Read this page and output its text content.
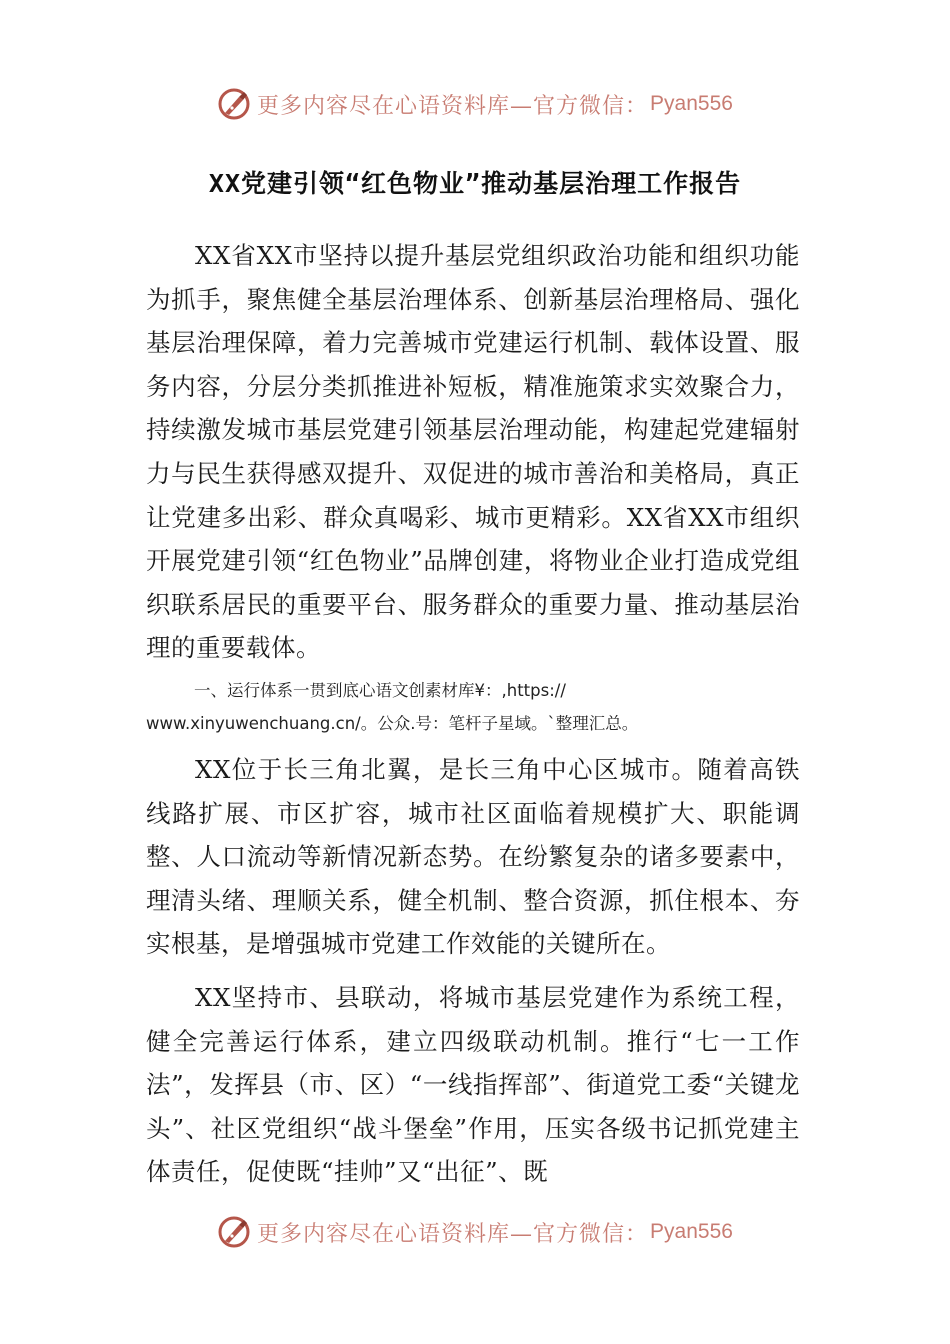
更多内容尽在心语资料库—官方微信： Pyan556
XX党建引领“红色物业”推动基层治理工作报告

XX省XX市坚持以提升基层党组织政治功能和组织功能为抓手，聚焦健全基层治理体系、创新基层治理格局、强化基层治理保障，着力完善城市党建运行机制、载体设置、服务内容，分层分类抓推进补短板，精准施策求实效聚合力，持续激发城市基层党建引领基层治理动能，构建起党建辐射力与民生获得感双提升、双促进的城市善治和美格局，真正让党建多出彩、群众真喝彩、城市更精彩。XX省XX市组织开展党建引领“红色物业”品牌创建，将物业企业打造成党组织联系居民的重要平台、服务群众的重要力量、推动基层治理的重要载体。

一、运行体系一贯到底心语文创素材库¥：,https://
www.xinyuwenchuang.cn/。公众.号：笔杆子星域。`整理汇总。

XX位于长三角北翼，是长三角中心区城市。随着高铁线路扩展、市区扩容，城市社区面临着规模扩大、职能调整、人口流动等新情况新态势。在纷繁复杂的诸多要素中，理清头绪、理顺关系，健全机制、整合资源，抓住根本、夯实根基，是增强城市党建工作效能的关键所在。

XX坚持市、县联动，将城市基层党建作为系统工程，健全完善运行体系，建立四级联动机制。推行“七一工作法”，发挥县（市、区）“一线指挥部”、街道党工委“关键龙头”、社区党组织“战斗堡垒”作用，压实各级书记抓党建主体责任，促使既“挂帅”又“出征”、既

更多内容尽在心语资料库—官方微信： Pyan556
